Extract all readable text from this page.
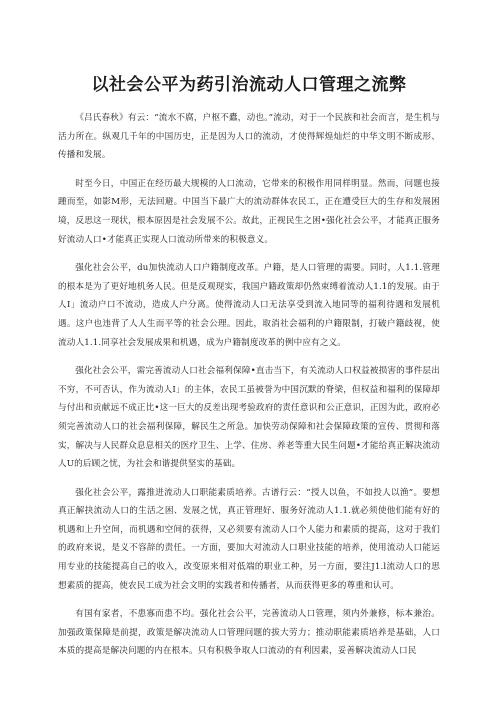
以社会公平为药引治流动人口管理之流弊

《吕氏春秋》有云：“流水不腐，户枢不蠹，动也。”流动，对于一个民族和社会而言，是生机与活力所在。纵观几千年的中国历史，正是因为人口的流动，才使得辉煌灿烂的中华文明不断成形、传播和发展。

时至今日，中国正在经历最大规模的人口流动，它带来的积极作用同样明显。然而，问题也接踵而至，如影M形，无法回避。中国当下最广大的流动群体农民工，正在遭受巨大的生存和发展困境，反思这一现状，根本原因是社会发展不公。故此，正视民生之困•强化社会公平，才能真正服务好流动人口•才能真正实现人口流动所带来的积极意义。

强化社会公平，du加快流动人口户籍制度改革。户籍，是人口管理的需要。同时，人1.1.管理的根本是为了更好地机务人民。但是反观现实，我国户籍政策却仍然束缚着流动人1.1的发展。由于人I」流动户口不流动，造成人户分离。使得流动人口无法享受到流入地同等的福利待遇和发展机遇。这户也违背了人人生而平等的社会公理。因此，取消社会福利的户籍限制，打破户籍歧视，使流动人1.1.同享社会发展成果和机遇，成为户籍制度改革的例中应有之义。

强化社会公平，需完善流动人口社会福利保障•直击当下，有关流动人口权益被损害的事件层出不穷，不可否认，作为流动人I」的主体，农民工虽被誉为中国沉默的脊梁，但权益和福利的保障却与付出和贡献远不成正比•这一巨大的反差出现考验政府的责任意识和公正意识，正因为此，政府必须完善流动人口的社会福利保障，解民生之所急。加快劳动保障和社会保障政策的宣传、贯彻和落实，解决与人民群众息息相关的医疗卫生、上学、住房、养老等重大民生问题•才能给真正解决流动人U的后顾之忧，为社会和谐提供坚实的基础。

强化社会公平，露推进流动人口职能素质培养。古谱行云：“授人以鱼，不如投人以渔”。要想真正解抉流动人口的生活之困、发展之忧，真正管理好、服务好流动人1.1.就必须使他们能有好的机遇和上升空间，而机遇和空间的获得，又必须要有流动人口个人能力和素质的提高，这对于我们的政府来说，是义不容辞的责任。一方面，要加大对流动人口职业技能的培养，使用流动人口能运用专业的技能提高自己的收入，改变原来相对低端的职业工种，另一方面，要注J1.l流动人口的思想素质的提高，使农民工成为社会文明的实践者和传播者，从而获得更多的尊重和认可。

有国有家者，不患寡而患不均。强化社会公平，完善流动人口管理，须内外兼修，标本兼治。加强政策保障是前提，政策是解决流动人口管理问题的拔大劳力；推动职能素质培养是基础，人口本质的提高是解决问题的内在根本。只有积极争取人口流动的有利因素，妥善解决流动人口民
